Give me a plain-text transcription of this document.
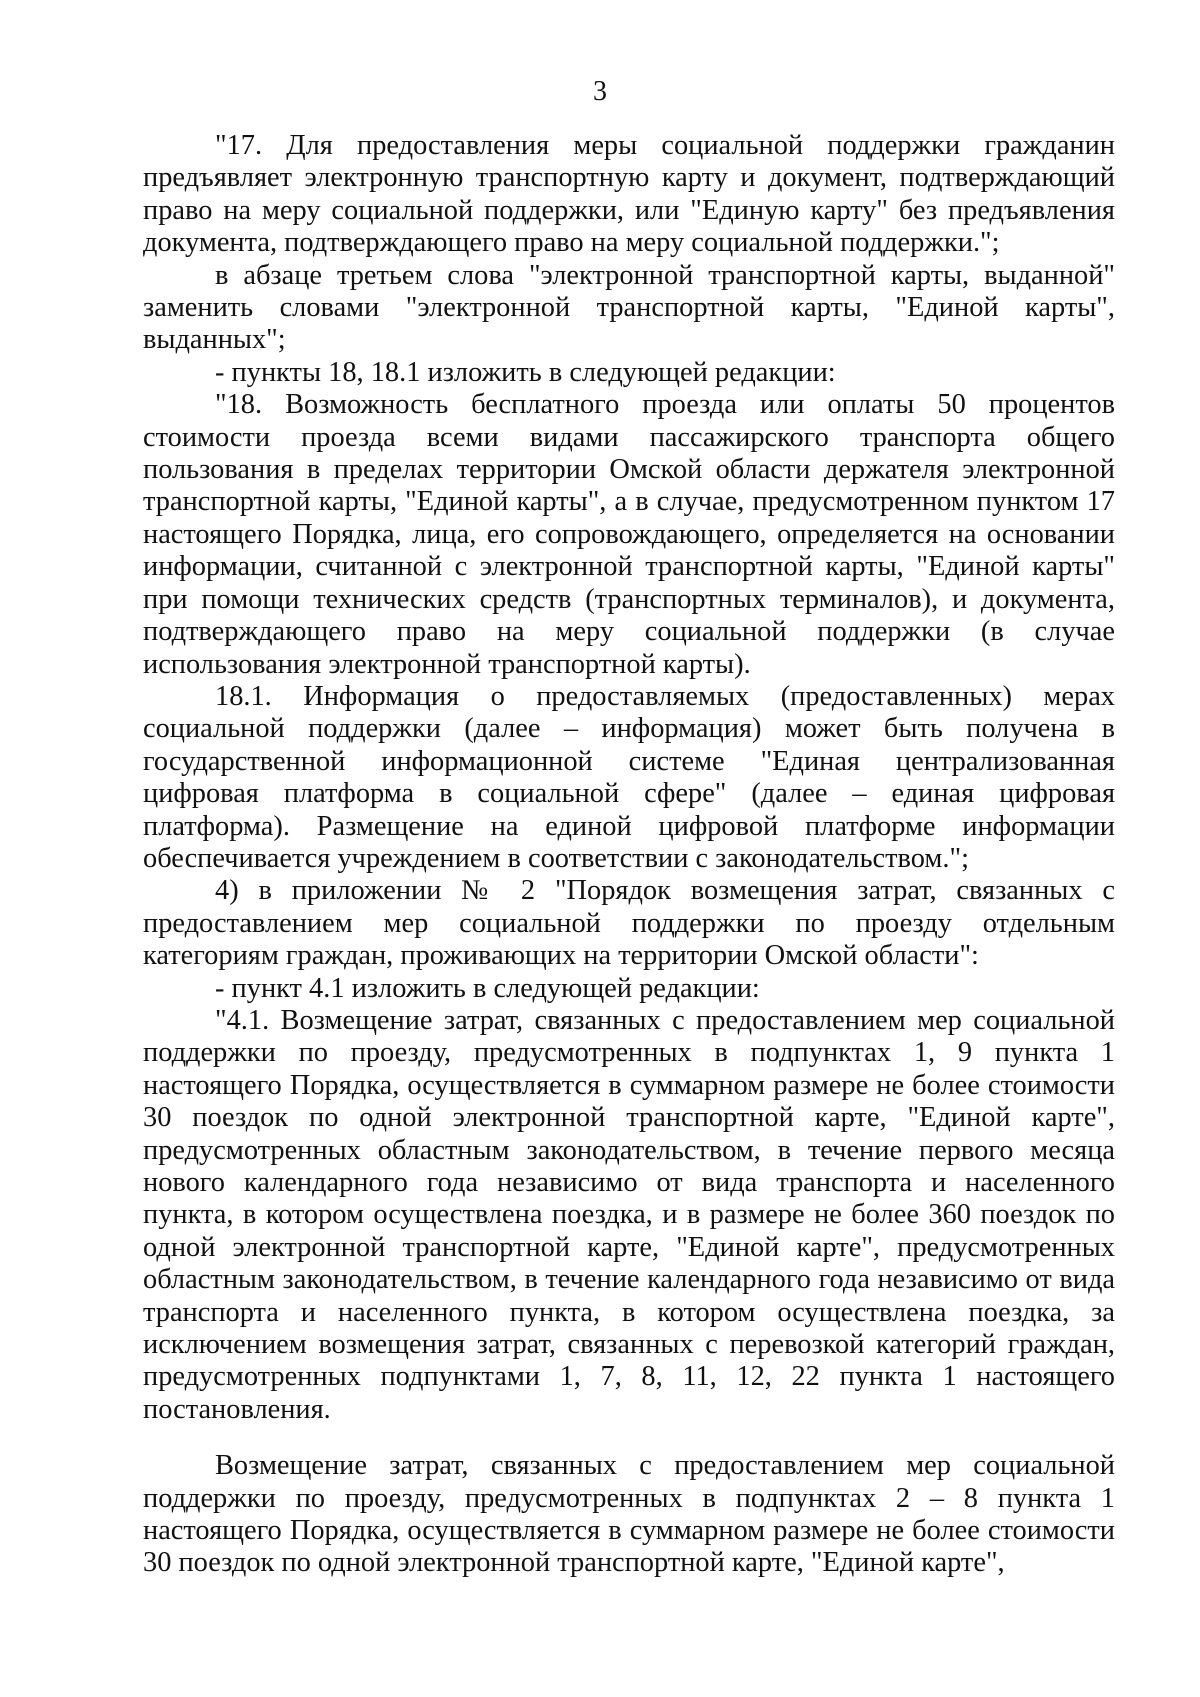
3

"17. Для предоставления меры социальной поддержки гражданин предъявляет электронную транспортную карту и документ, подтверждающий право на меру социальной поддержки, или "Единую карту" без предъявления документа, подтверждающего право на меру социальной поддержки.";

в абзаце третьем слова "электронной транспортной карты, выданной" заменить словами "электронной транспортной карты, "Единой карты", выданных";

- пункты 18, 18.1 изложить в следующей редакции:

"18. Возможность бесплатного проезда или оплаты 50 процентов стоимости проезда всеми видами пассажирского транспорта общего пользования в пределах территории Омской области держателя электронной транспортной карты, "Единой карты", а в случае, предусмотренном пунктом 17 настоящего Порядка, лица, его сопровождающего, определяется на основании информации, считанной с электронной транспортной карты, "Единой карты" при помощи технических средств (транспортных терминалов), и документа, подтверждающего право на меру социальной поддержки (в случае использования электронной транспортной карты).

18.1. Информация о предоставляемых (предоставленных) мерах социальной поддержки (далее – информация) может быть получена в государственной информационной системе "Единая централизованная цифровая платформа в социальной сфере" (далее – единая цифровая платформа). Размещение на единой цифровой платформе информации обеспечивается учреждением в соответствии с законодательством.";

4) в приложении № 2 "Порядок возмещения затрат, связанных с предоставлением мер социальной поддержки по проезду отдельным категориям граждан, проживающих на территории Омской области":

- пункт 4.1 изложить в следующей редакции:

"4.1. Возмещение затрат, связанных с предоставлением мер социальной поддержки по проезду, предусмотренных в подпунктах 1, 9 пункта 1 настоящего Порядка, осуществляется в суммарном размере не более стоимости 30 поездок по одной электронной транспортной карте, "Единой карте", предусмотренных областным законодательством, в течение первого месяца нового календарного года независимо от вида транспорта и населенного пункта, в котором осуществлена поездка, и в размере не более 360 поездок по одной электронной транспортной карте, "Единой карте", предусмотренных областным законодательством, в течение календарного года независимо от вида транспорта и населенного пункта, в котором осуществлена поездка, за исключением возмещения затрат, связанных с перевозкой категорий граждан, предусмотренных подпунктами 1, 7, 8, 11, 12, 22 пункта 1 настоящего постановления.

Возмещение затрат, связанных с предоставлением мер социальной поддержки по проезду, предусмотренных в подпунктах 2 – 8 пункта 1 настоящего Порядка, осуществляется в суммарном размере не более стоимости 30 поездок по одной электронной транспортной карте, "Единой карте",
